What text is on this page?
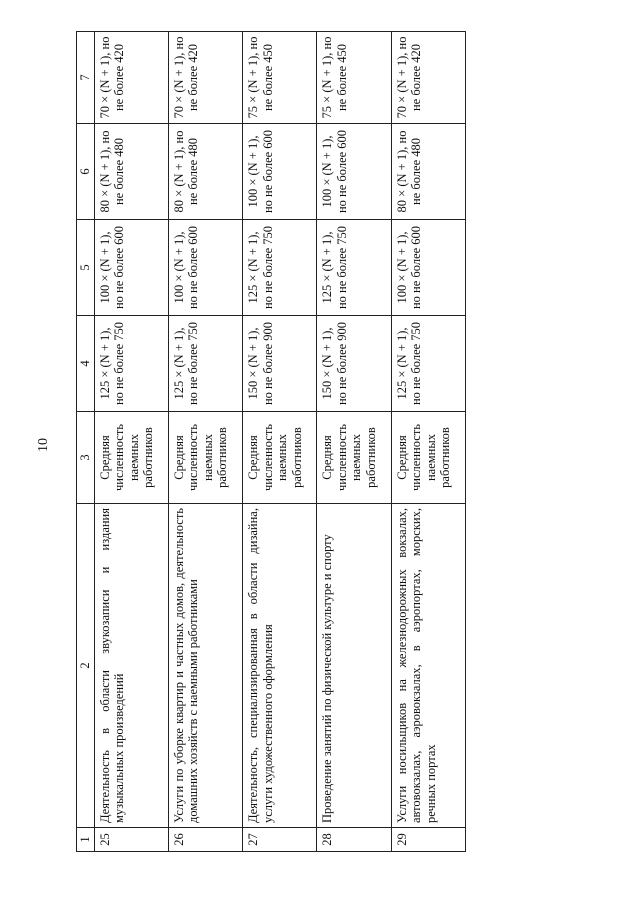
10
1	2	3	4	5	6	7
25	Деятельность в области звукозаписи и издания музыкальных произведений	Средняя численность наемных работников	125 × (N + 1), но не более 750	100 × (N + 1), но не более 600	80 × (N + 1), но не более 480	70 × (N + 1), но не более 420
26	Услуги по уборке квартир и частных домов, деятельность домашних хозяйств с наемными работниками	Средняя численность наемных работников	125 × (N + 1), но не более 750	100 × (N + 1), но не более 600	80 × (N + 1), но не более 480	70 × (N + 1), но не более 420
27	Деятельность, специализированная в области дизайна, услуги художественного оформления	Средняя численность наемных работников	150 × (N + 1), но не более 900	125 × (N + 1), но не более 750	100 × (N + 1), но не более 600	75 × (N + 1), но не более 450
28	Проведение занятий по физической культуре и спорту	Средняя численность наемных работников	150 × (N + 1), но не более 900	125 × (N + 1), но не более 750	100 × (N + 1), но не более 600	75 × (N + 1), но не более 450
29	Услуги носильщиков на железнодорожных вокзалах, автовокзалах, аэровокзалах, в аэропортах, морских, речных портах	Средняя численность наемных работников	125 × (N + 1), но не более 750	100 × (N + 1), но не более 600	80 × (N + 1), но не более 480	70 × (N + 1), но не более 420
